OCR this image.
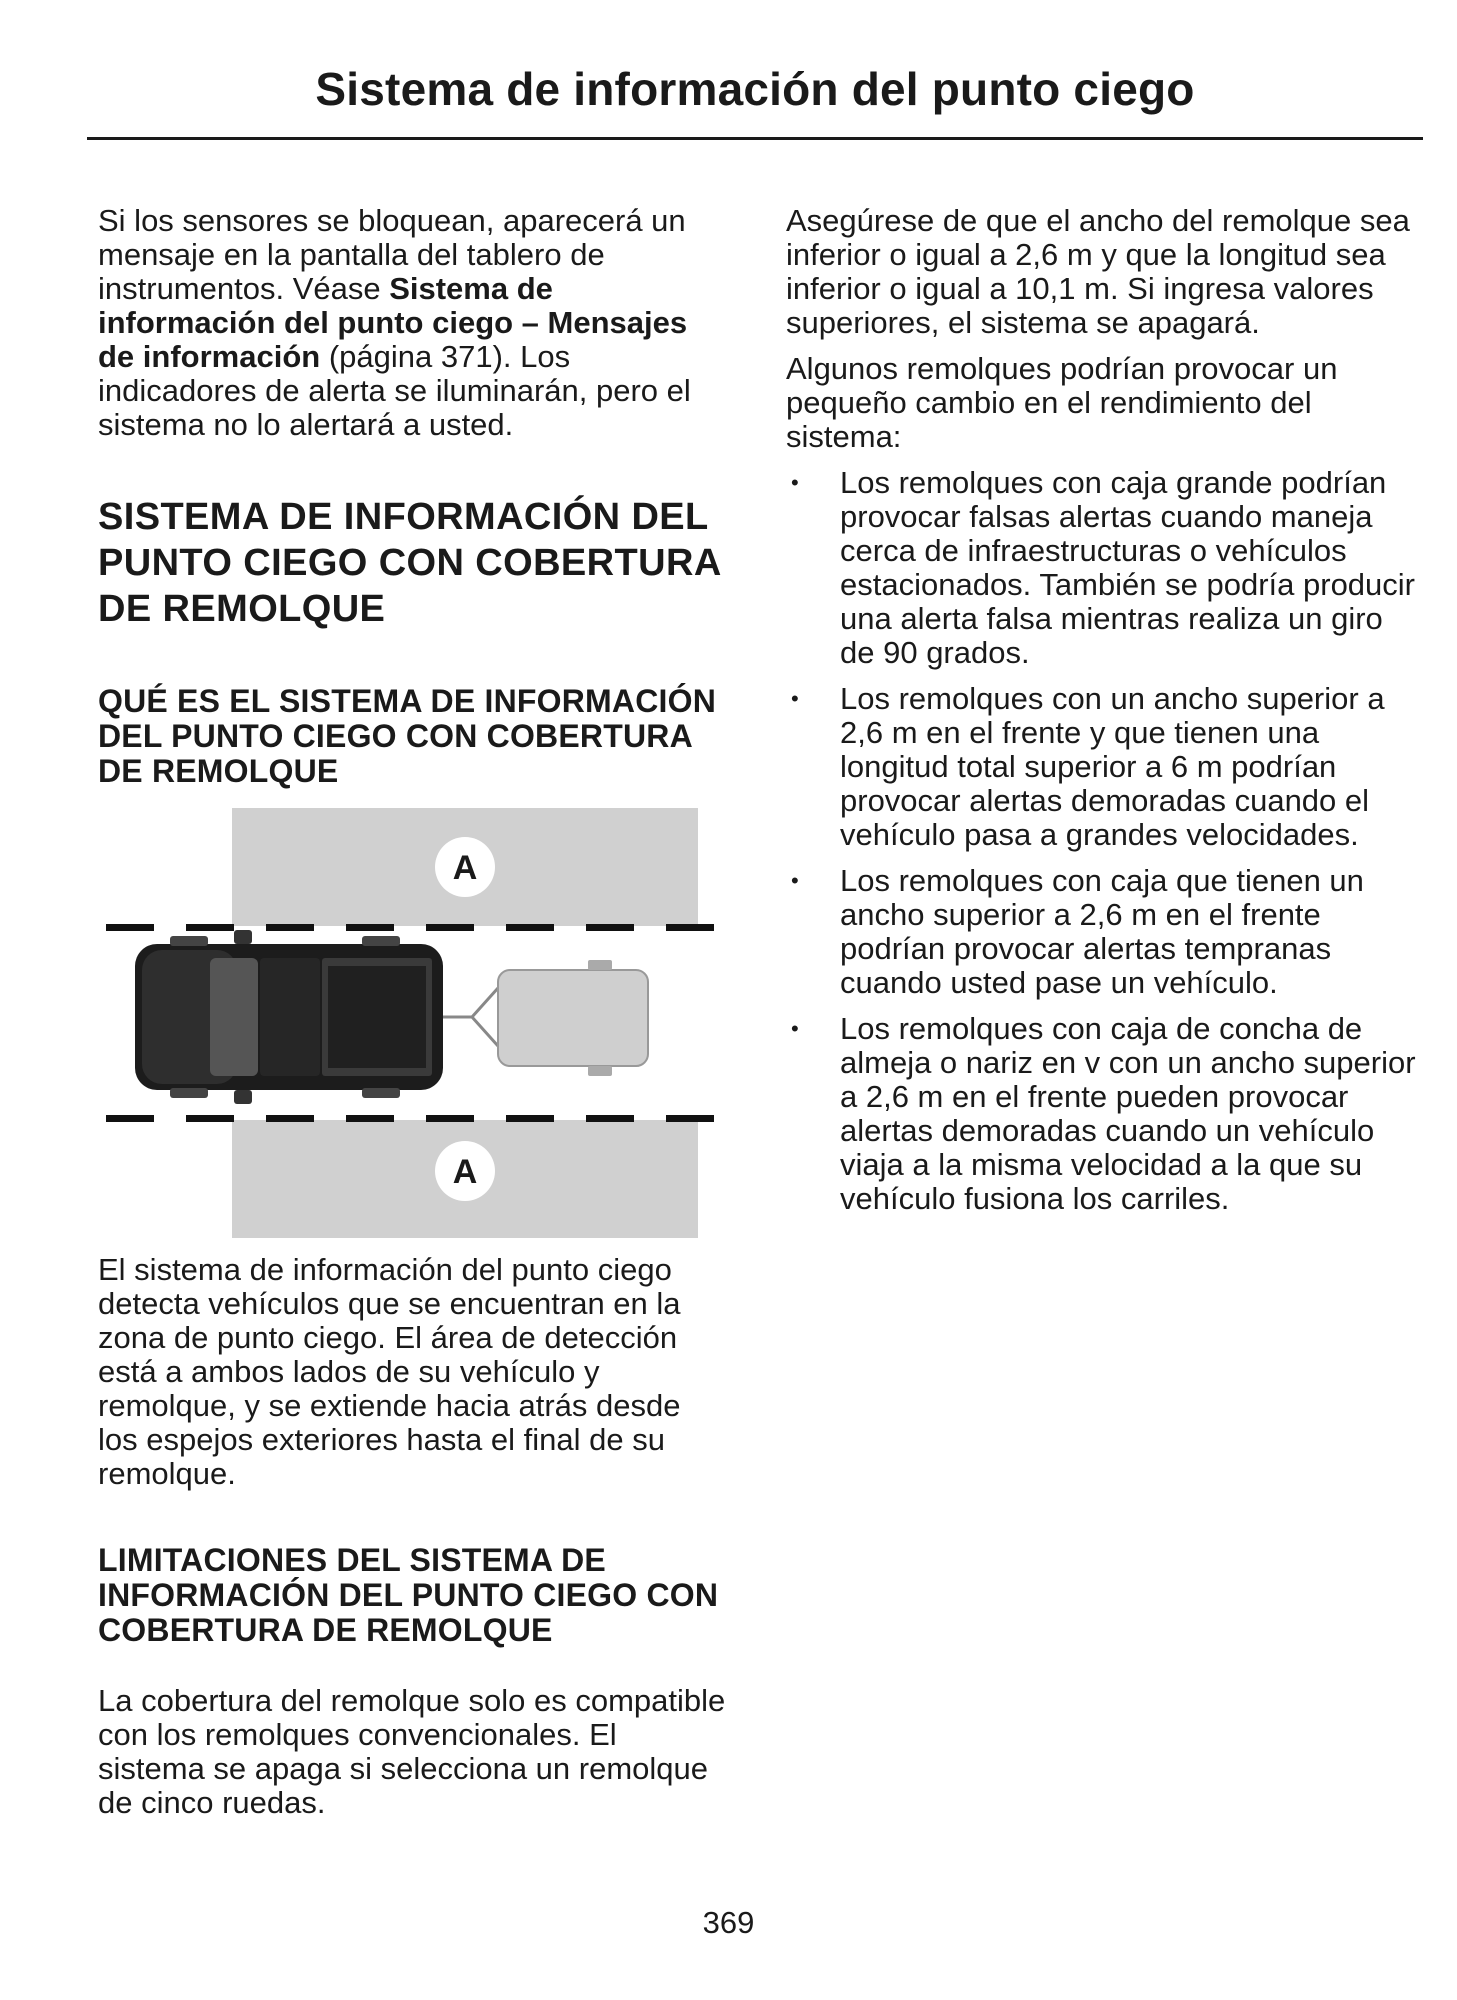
Sistema de información del punto ciego

Si los sensores se bloquean, aparecerá un mensaje en la pantalla del tablero de instrumentos. Véase Sistema de información del punto ciego – Mensajes de información (página 371). Los indicadores de alerta se iluminarán, pero el sistema no lo alertará a usted.

SISTEMA DE INFORMACIÓN DEL PUNTO CIEGO CON COBERTURA DE REMOLQUE
QUÉ ES EL SISTEMA DE INFORMACIÓN DEL PUNTO CIEGO CON COBERTURA DE REMOLQUE
A
A

El sistema de información del punto ciego detecta vehículos que se encuentran en la zona de punto ciego. El área de detección está a ambos lados de su vehículo y remolque, y se extiende hacia atrás desde los espejos exteriores hasta el final de su remolque.

LIMITACIONES DEL SISTEMA DE INFORMACIÓN DEL PUNTO CIEGO CON COBERTURA DE REMOLQUE

La cobertura del remolque solo es compatible con los remolques convencionales. El sistema se apaga si selecciona un remolque de cinco ruedas.

Asegúrese de que el ancho del remolque sea inferior o igual a 2,6 m y que la longitud sea inferior o igual a 10,1 m. Si ingresa valores superiores, el sistema se apagará.

Algunos remolques podrían provocar un pequeño cambio en el rendimiento del sistema:

• Los remolques con caja grande podrían provocar falsas alertas cuando maneja cerca de infraestructuras o vehículos estacionados. También se podría producir una alerta falsa mientras realiza un giro de 90 grados.
• Los remolques con un ancho superior a 2,6 m en el frente y que tienen una longitud total superior a 6 m podrían provocar alertas demoradas cuando el vehículo pasa a grandes velocidades.
• Los remolques con caja que tienen un ancho superior a 2,6 m en el frente podrían provocar alertas tempranas cuando usted pase un vehículo.
• Los remolques con caja de concha de almeja o nariz en v con un ancho superior a 2,6 m en el frente pueden provocar alertas demoradas cuando un vehículo viaja a la misma velocidad a la que su vehículo fusiona los carriles.
369
